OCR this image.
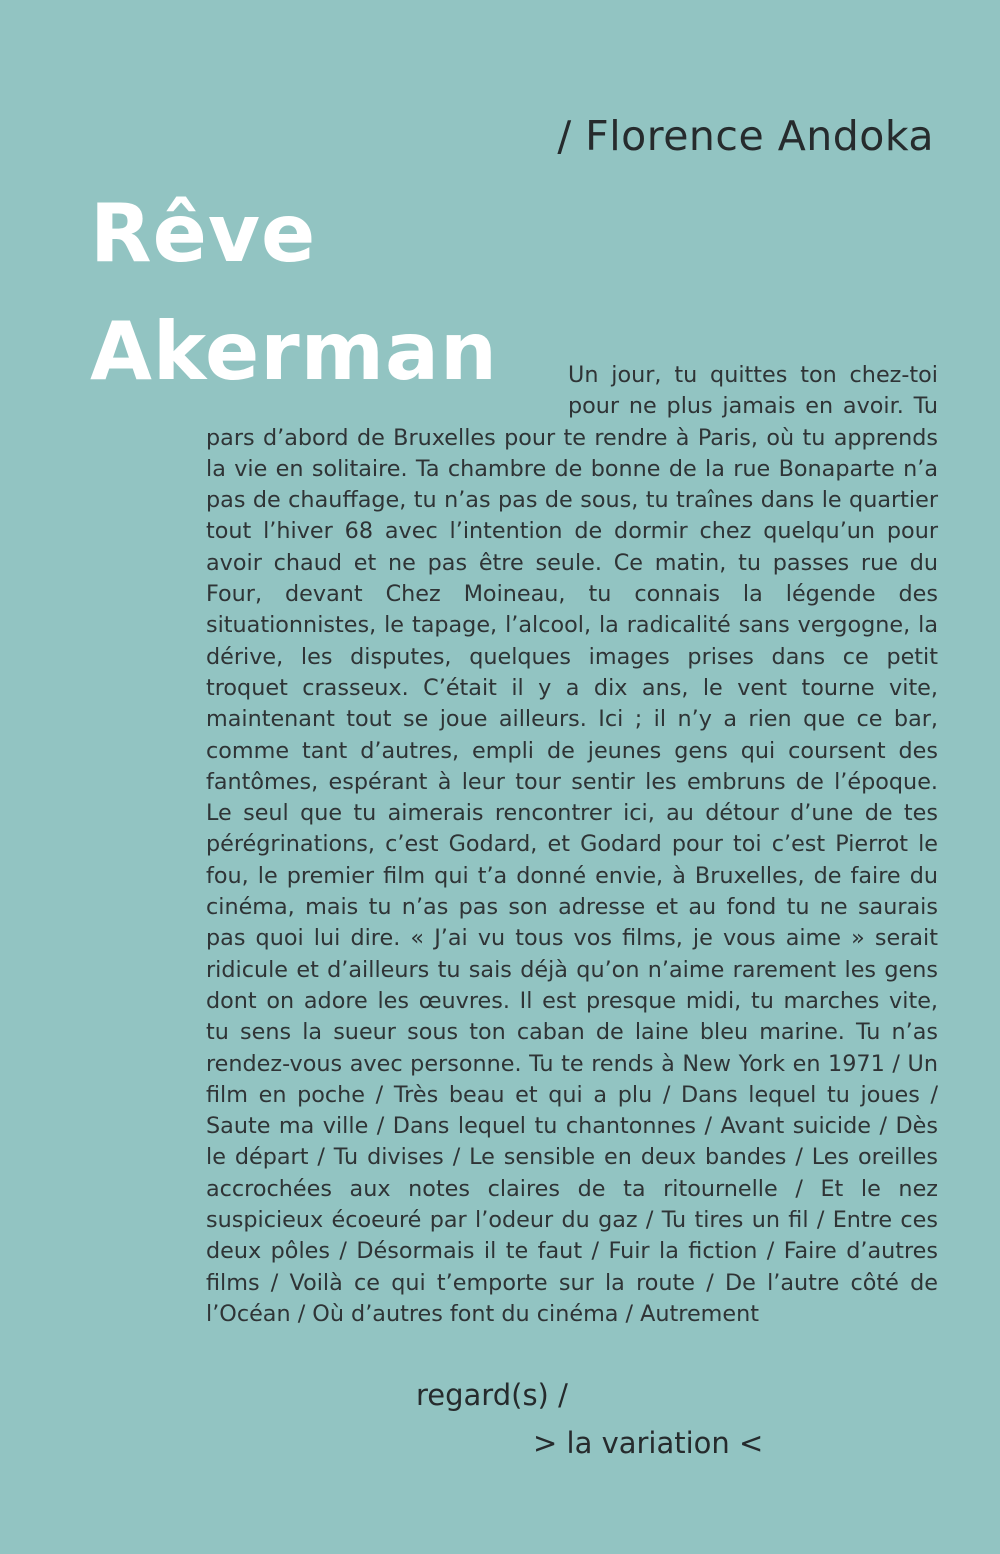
/ Florence Andoka
Rêve
Akerman	Un jour, tu quittes ton chez-toi pour ne plus jamais en avoir. Tu pars d’abord de Bruxelles pour te rendre à Paris, où tu apprends la vie en solitaire. Ta chambre de bonne de la rue Bonaparte n’a pas de chauffage, tu n’as pas de sous, tu traînes dans le quartier tout l’hiver 68 avec l’intention de dormir chez quelqu’un pour avoir chaud et ne pas être seule. Ce matin, tu passes rue du Four, devant Chez Moineau, tu connais la légende des situationnistes, le tapage, l’alcool, la radicalité sans vergogne, la dérive, les disputes, quelques images prises dans ce petit troquet crasseux. C’était il y a dix ans, le vent tourne vite, maintenant tout se joue ailleurs. Ici ; il n’y a rien que ce bar, comme tant d’autres, empli de jeunes gens qui coursent des fantômes, espérant à leur tour sentir les embruns de l’époque. Le seul que tu aimerais rencontrer ici, au détour d’une de tes pérégrinations, c’est Godard, et Godard pour toi c’est Pierrot le fou, le premier film qui t’a donné envie, à Bruxelles, de faire du cinéma, mais tu n’as pas son adresse et au fond tu ne saurais pas quoi lui dire. « J’ai vu tous vos films, je vous aime » serait ridicule et d’ailleurs tu sais déjà qu’on n’aime rarement les gens dont on adore les œuvres. Il est presque midi, tu marches vite, tu sens la sueur sous ton caban de laine bleu marine. Tu n’as rendez-vous avec personne. Tu te rends à New York en 1971 / Un film en poche / Très beau et qui a plu / Dans lequel tu joues / Saute ma ville / Dans lequel tu chantonnes / Avant suicide / Dès le départ / Tu divises / Le sensible en deux bandes / Les oreilles accrochées aux notes claires de ta ritournelle / Et le nez suspicieux écoeuré par l’odeur du gaz / Tu tires un fil / Entre ces deux pôles / Désormais il te faut / Fuir la fiction / Faire d’autres films / Voilà ce qui t’emporte sur la route / De l’autre côté de l’Océan / Où d’autres font du cinéma / Autrement
regard(s) /
> la variation <
